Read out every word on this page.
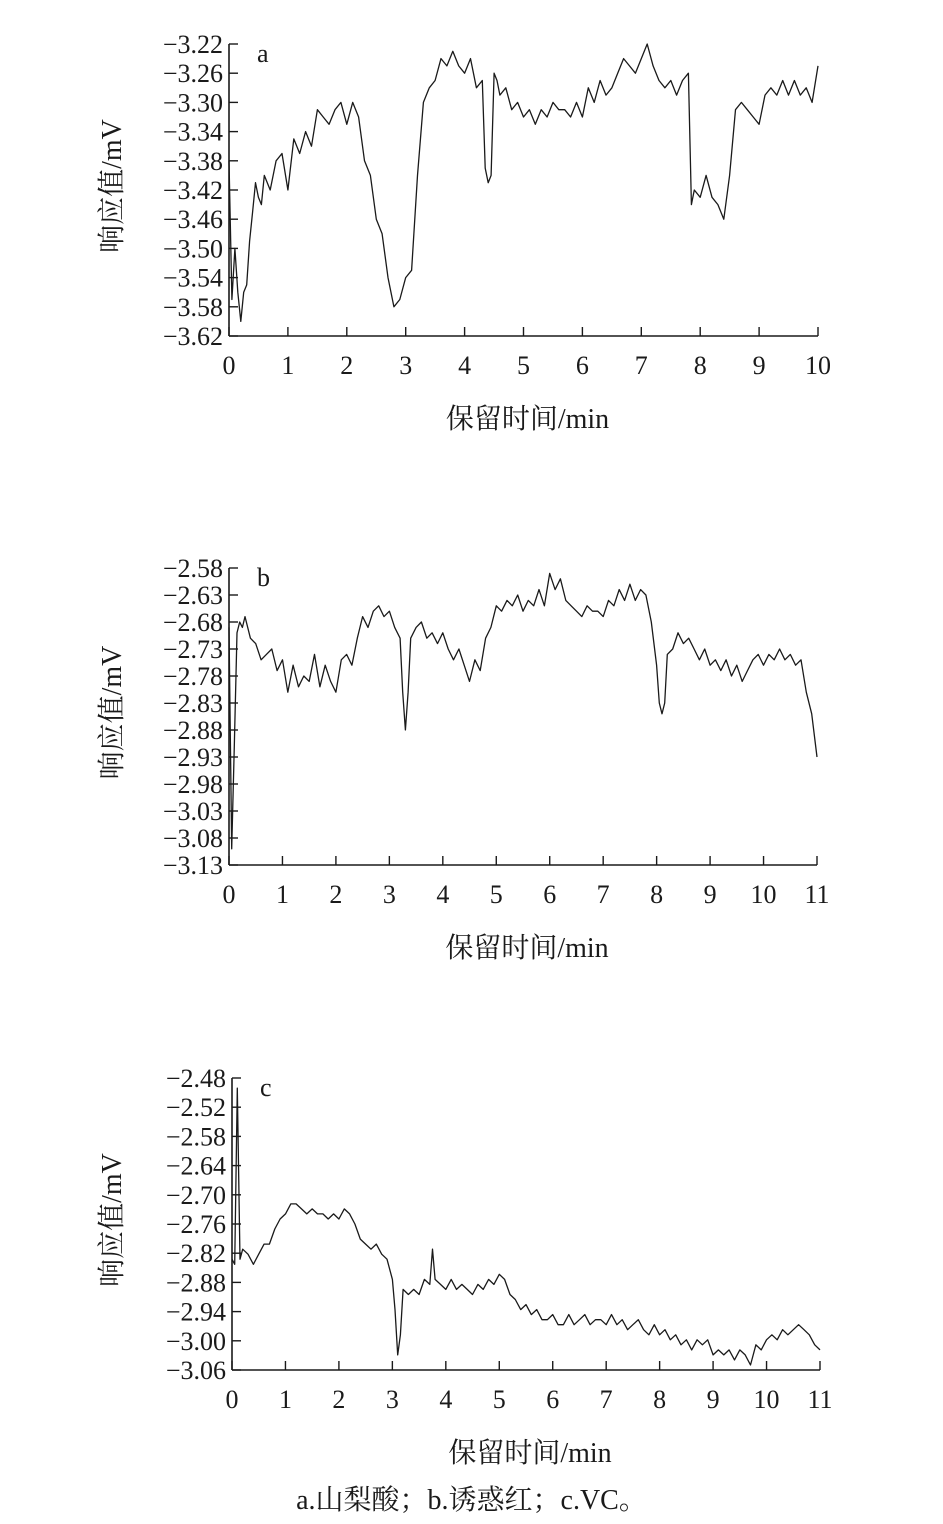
−3.22
−3.26
−3.30
−3.34
−3.38
−3.42
−3.46
−3.50
−3.54
−3.58
−3.62
0 1 2 3 4 5 6 7 8 9 10
a
保留时间/min
响应值/mV
−2.58
−2.63
−2.68
−2.73
−2.78
−2.83
−2.88
−2.93
−2.98
−3.03
−3.08
−3.13
0 1 2 3 4 5 6 7 8 9 10 11
b
保留时间/min
响应值/mV
−2.48
−2.52
−2.58
−2.64
−2.70
−2.76
−2.82
−2.88
−2.94
−3.00
−3.06
0 1 2 3 4 5 6 7 8 9 10 11
c
保留时间/min
响应值/mV
a.山梨酸；b.诱惑红；c.VC。
